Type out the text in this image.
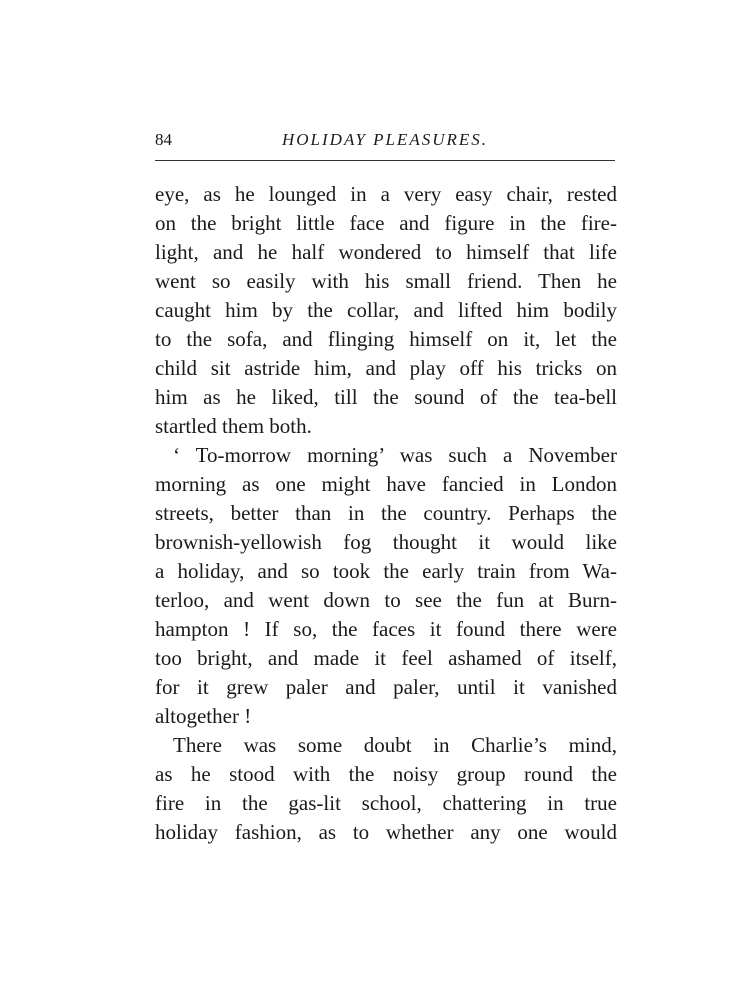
84	HOLIDAY PLEASURES.
eye, as he lounged in a very easy chair, rested
on the bright little face and figure in the fire-
light, and he half wondered to himself that life
went so easily with his small friend. Then he
caught him by the collar, and lifted him bodily
to the sofa, and flinging himself on it, let the
child sit astride him, and play off his tricks on
him as he liked, till the sound of the tea-bell
startled them both.
‘ To-morrow morning’ was such a November
morning as one might have fancied in London
streets, better than in the country. Perhaps the
brownish-yellowish fog thought it would like
a holiday, and so took the early train from Wa-
terloo, and went down to see the fun at Burn-
hampton ! If so, the faces it found there were
too bright, and made it feel ashamed of itself,
for it grew paler and paler, until it vanished
altogether !
There was some doubt in Charlie’s mind,
as he stood with the noisy group round the
fire in the gas-lit school, chattering in true
holiday fashion, as to whether any one would
